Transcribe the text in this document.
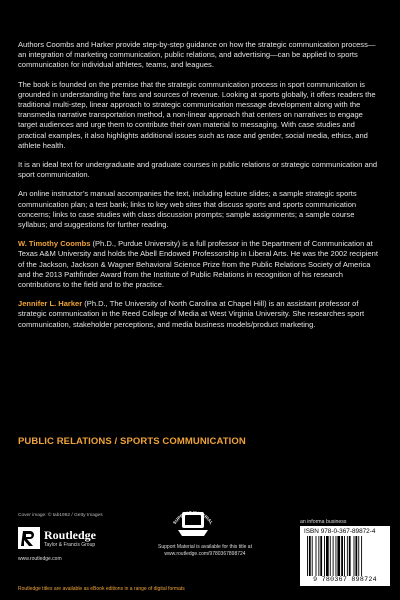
Authors Coombs and Harker provide step-by-step guidance on how the strategic communication process—an integration of marketing communication, public relations, and advertising—can be applied to sports communication for individual athletes, teams, and leagues.

The book is founded on the premise that the strategic communication process in sport communication is grounded in understanding the fans and sources of revenue. Looking at sports globally, it offers readers the traditional multi-step, linear approach to strategic communication message development along with the transmedia narrative transportation method, a non-linear approach that centers on narratives to engage target audiences and urge them to contribute their own material to messaging. With case studies and practical examples, it also highlights additional issues such as race and gender, social media, ethics, and athlete health.

It is an ideal text for undergraduate and graduate courses in public relations or strategic communication and sport communication.

An online instructor’s manual accompanies the text, including lecture slides; a sample strategic sports communication plan; a test bank; links to key web sites that discuss sports and sports communication concerns; links to case studies with class discussion prompts; sample assignments; a sample course syllabus; and suggestions for further reading.

W. Timothy Coombs (Ph.D., Purdue University) is a full professor in the Department of Communication at Texas A&M University and holds the Abell Endowed Professorship in Liberal Arts. He was the 2002 recipient of the Jackson, Jackson & Wagner Behavioral Science Prize from the Public Relations Society of America and the 2013 Pathfinder Award from the Institute of Public Relations in recognition of his research contributions to the field and to the practice.

Jennifer L. Harker (Ph.D., The University of North Carolina at Chapel Hill) is an assistant professor of strategic communication in the Reed College of Media at West Virginia University. She researches sport communication, stakeholder perceptions, and media business models/product marketing.

PUBLIC RELATIONS / SPORTS COMMUNICATION
Cover image: © tab1962 / Getty Images
Routledge
Taylor & Francis Group
www.routledge.com
SUPPORT MATERIAL
Support Material is available for this title at
www.routledge.com/9780367898724
an informa business
ISBN 978-0-367-89872-4
9 780367 898724
Routledge titles are available as eBook editions in a range of digital formats
